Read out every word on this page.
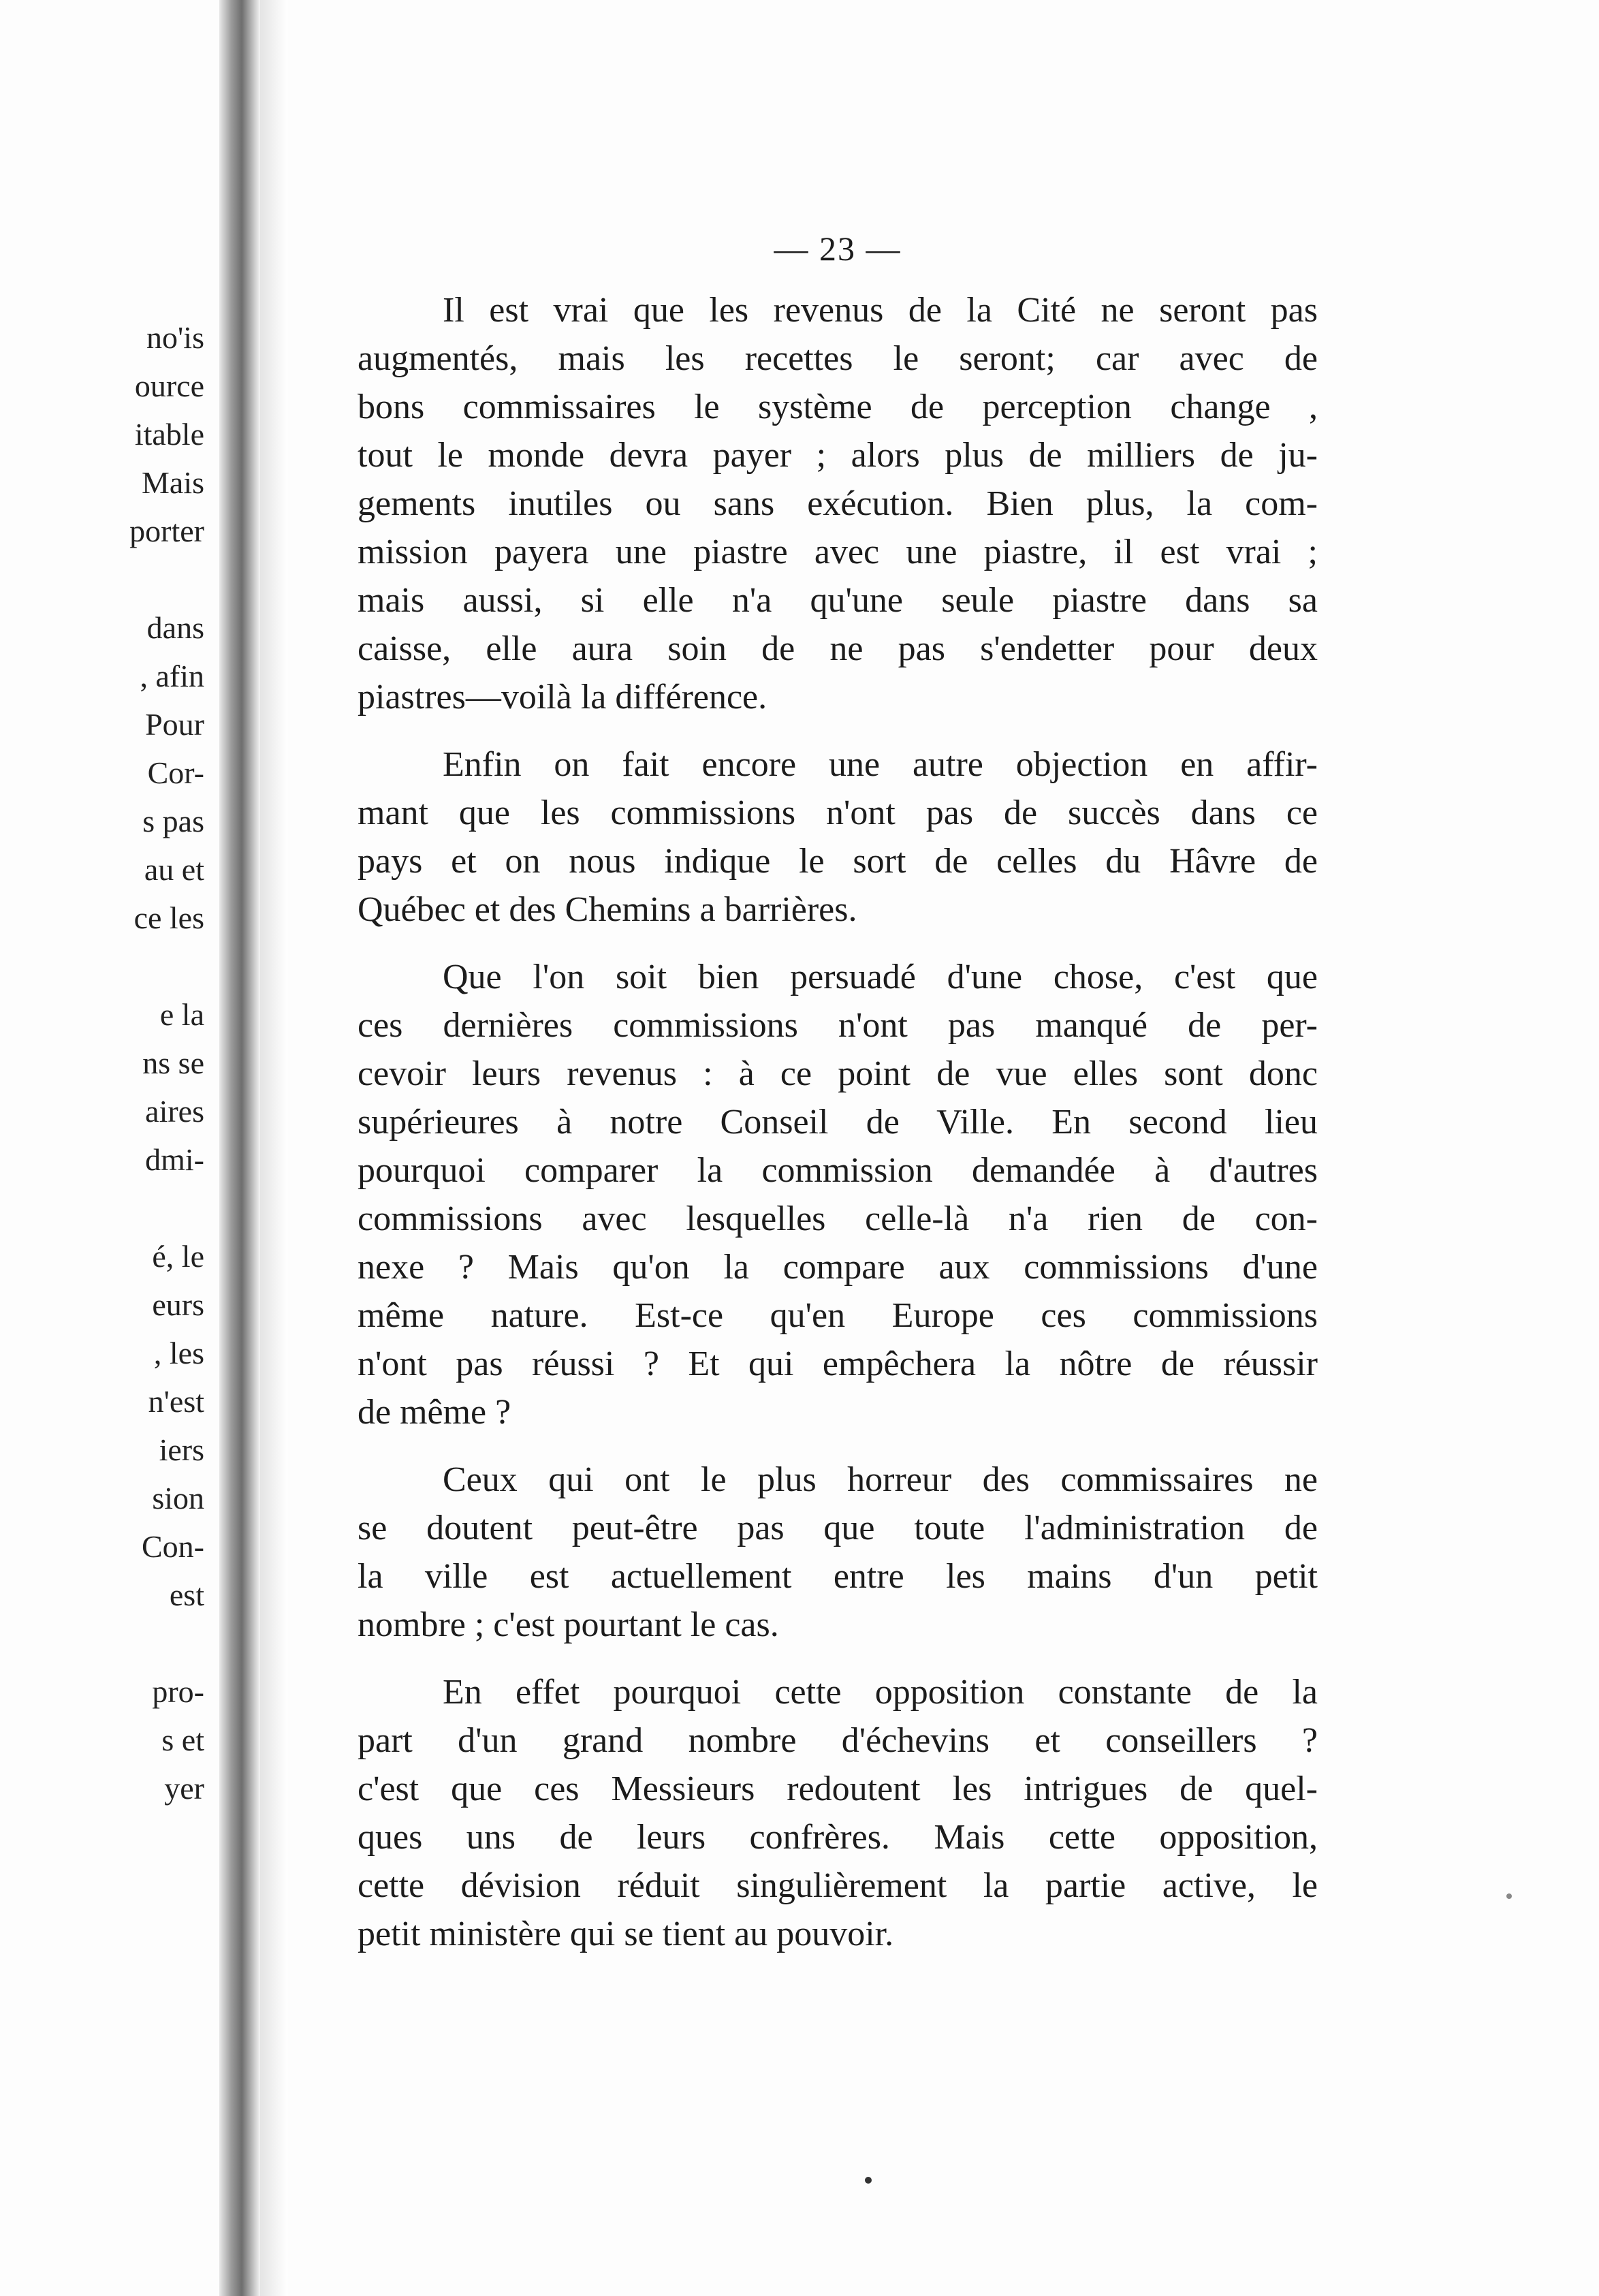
no'is
ource
itable
Mais
porter
dans
, afin
Pour
Cor-
s pas
au et
ce les
e la
ns se
aires
dmi-
é, le
eurs
, les
n'est
iers
sion
Con-
est
pro-
s et
yer
— 23 —
Il est vrai que les revenus de la Cité ne seront pas
augmentés, mais les recettes le seront; car avec de
bons commissaires le système de perception change ,
tout le monde devra payer ; alors plus de milliers de ju-
gements inutiles ou sans exécution. Bien plus, la com-
mission payera une piastre avec une piastre, il est vrai ;
mais aussi, si elle n'a qu'une seule piastre dans sa
caisse, elle aura soin de ne pas s'endetter pour deux
piastres—voilà la différence.
Enfin on fait encore une autre objection en affir-
mant que les commissions n'ont pas de succès dans ce
pays et on nous indique le sort de celles du Hâvre de
Québec et des Chemins a barrières.
Que l'on soit bien persuadé d'une chose, c'est que
ces dernières commissions n'ont pas manqué de per-
cevoir leurs revenus : à ce point de vue elles sont donc
supérieures à notre Conseil de Ville. En second lieu
pourquoi comparer la commission demandée à d'autres
commissions avec lesquelles celle-là n'a rien de con-
nexe ? Mais qu'on la compare aux commissions d'une
même nature. Est-ce qu'en Europe ces commissions
n'ont pas réussi ? Et qui empêchera la nôtre de réussir
de même ?
Ceux qui ont le plus horreur des commissaires ne
se doutent peut-être pas que toute l'administration de
la ville est actuellement entre les mains d'un petit
nombre ; c'est pourtant le cas.
En effet pourquoi cette opposition constante de la
part d'un grand nombre d'échevins et conseillers ?
c'est que ces Messieurs redoutent les intrigues de quel-
ques uns de leurs confrères. Mais cette opposition,
cette dévision réduit singulièrement la partie active, le
petit ministère qui se tient au pouvoir.
